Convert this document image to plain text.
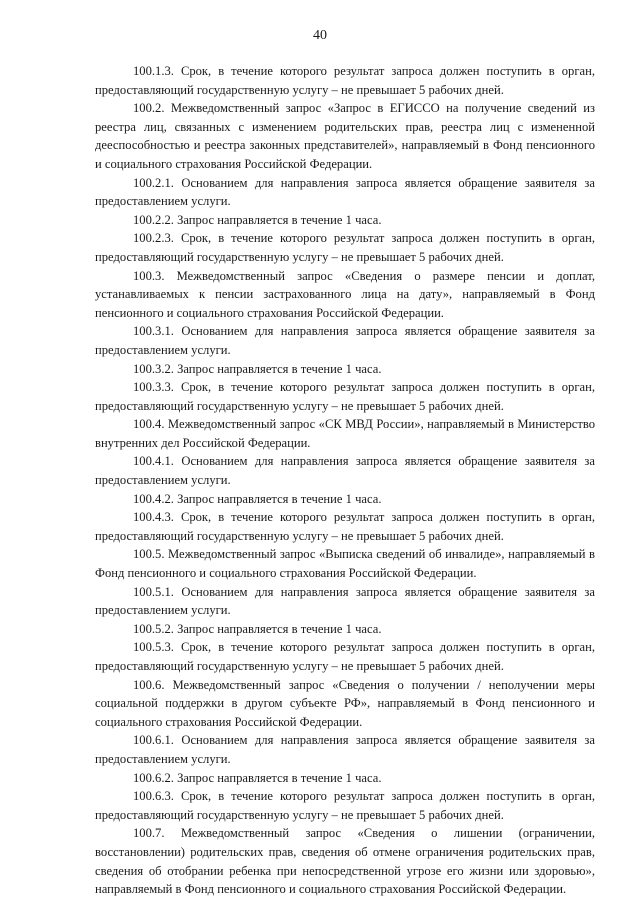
40

100.1.3. Срок, в течение которого результат запроса должен поступить в орган, предоставляющий государственную услугу – не превышает 5 рабочих дней.

100.2. Межведомственный запрос «Запрос в ЕГИССО на получение сведений из реестра лиц, связанных с изменением родительских прав, реестра лиц с измененной дееспособностью и реестра законных представителей», направляемый в Фонд пенсионного и социального страхования Российской Федерации.

100.2.1. Основанием для направления запроса является обращение заявителя за предоставлением услуги.

100.2.2. Запрос направляется в течение 1 часа.

100.2.3. Срок, в течение которого результат запроса должен поступить в орган, предоставляющий государственную услугу – не превышает 5 рабочих дней.

100.3. Межведомственный запрос «Сведения о размере пенсии и доплат, устанавливаемых к пенсии застрахованного лица на дату», направляемый в Фонд пенсионного и социального страхования Российской Федерации.

100.3.1. Основанием для направления запроса является обращение заявителя за предоставлением услуги.

100.3.2. Запрос направляется в течение 1 часа.

100.3.3. Срок, в течение которого результат запроса должен поступить в орган, предоставляющий государственную услугу – не превышает 5 рабочих дней.

100.4. Межведомственный запрос «СК МВД России», направляемый в Министерство внутренних дел Российской Федерации.

100.4.1. Основанием для направления запроса является обращение заявителя за предоставлением услуги.

100.4.2. Запрос направляется в течение 1 часа.

100.4.3. Срок, в течение которого результат запроса должен поступить в орган, предоставляющий государственную услугу – не превышает 5 рабочих дней.

100.5. Межведомственный запрос «Выписка сведений об инвалиде», направляемый в Фонд пенсионного и социального страхования Российской Федерации.

100.5.1. Основанием для направления запроса является обращение заявителя за предоставлением услуги.

100.5.2. Запрос направляется в течение 1 часа.

100.5.3. Срок, в течение которого результат запроса должен поступить в орган, предоставляющий государственную услугу – не превышает 5 рабочих дней.

100.6. Межведомственный запрос «Сведения о получении / неполучении меры социальной поддержки в другом субъекте РФ», направляемый в Фонд пенсионного и социального страхования Российской Федерации.

100.6.1. Основанием для направления запроса является обращение заявителя за предоставлением услуги.

100.6.2. Запрос направляется в течение 1 часа.

100.6.3. Срок, в течение которого результат запроса должен поступить в орган, предоставляющий государственную услугу – не превышает 5 рабочих дней.

100.7. Межведомственный запрос «Сведения о лишении (ограничении, восстановлении) родительских прав, сведения об отмене ограничения родительских прав, сведения об отобрании ребенка при непосредственной угрозе его жизни или здоровью», направляемый в Фонд пенсионного и социального страхования Российской Федерации.
